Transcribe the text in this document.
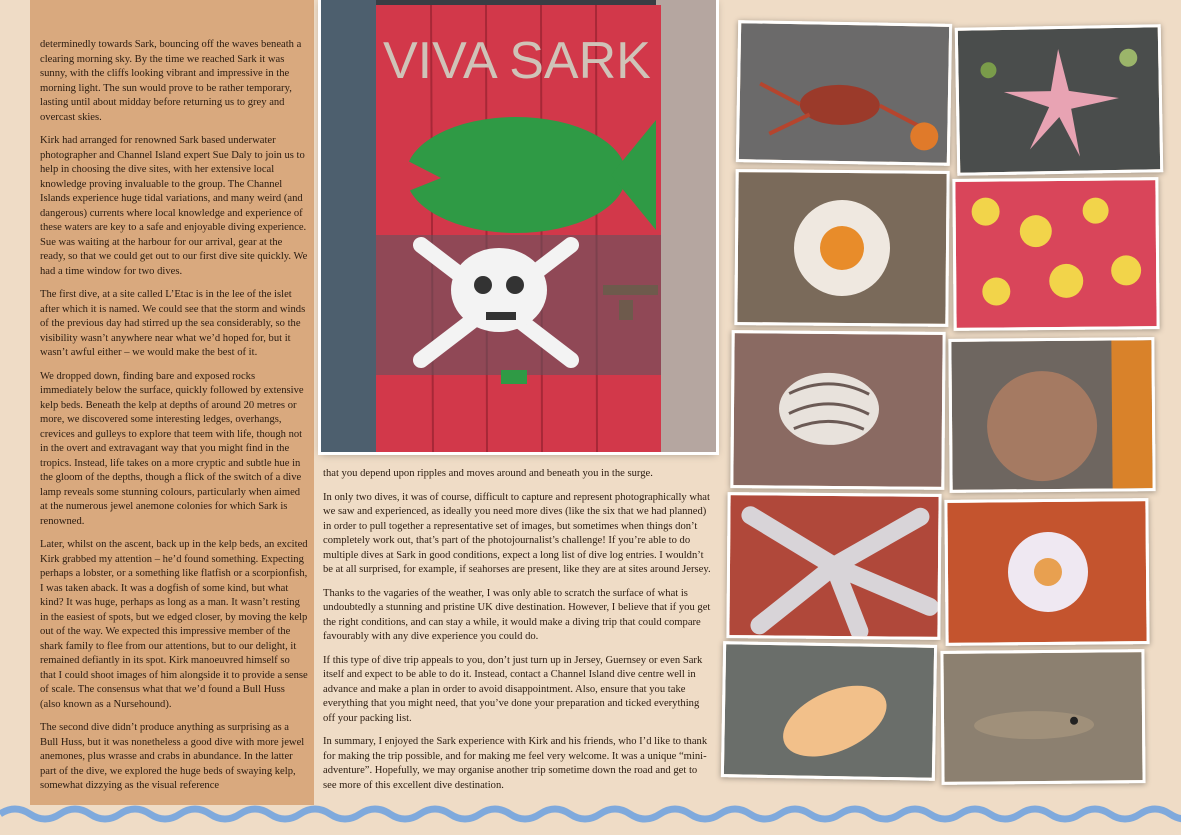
determinedly towards Sark, bouncing off the waves beneath a clearing morning sky. By the time we reached Sark it was sunny, with the cliffs looking vibrant and impressive in the morning light. The sun would prove to be rather temporary, lasting until about midday before returning us to grey and overcast skies.

Kirk had arranged for renowned Sark based underwater photographer and Channel Island expert Sue Daly to join us to help in choosing the dive sites, with her extensive local knowledge proving invaluable to the group. The Channel Islands experience huge tidal variations, and many weird (and dangerous) currents where local knowledge and experience of these waters are key to a safe and enjoyable diving experience. Sue was waiting at the harbour for our arrival, gear at the ready, so that we could get out to our first dive site quickly. We had a time window for two dives.

The first dive, at a site called L’Etac is in the lee of the islet after which it is named. We could see that the storm and winds of the previous day had stirred up the sea considerably, so the visibility wasn’t anywhere near what we’d hoped for, but it wasn’t awful either – we would make the best of it.

We dropped down, finding bare and exposed rocks immediately below the surface, quickly followed by extensive kelp beds. Beneath the kelp at depths of around 20 metres or more, we discovered some interesting ledges, overhangs, crevices and gulleys to explore that teem with life, though not in the overt and extravagant way that you might find in the tropics. Instead, life takes on a more cryptic and subtle hue in the gloom of the depths, though a flick of the switch of a dive lamp reveals some stunning colours, particularly when aimed at the numerous jewel anemone colonies for which Sark is renowned.

Later, whilst on the ascent, back up in the kelp beds, an excited Kirk grabbed my attention – he’d found something. Expecting perhaps a lobster, or a something like flatfish or a scorpionfish, I was taken aback. It was a dogfish of some kind, but what kind? It was huge, perhaps as long as a man. It wasn’t resting in the easiest of spots, but we edged closer, by moving the kelp out of the way. We expected this impressive member of the shark family to flee from our attentions, but to our delight, it remained defiantly in its spot. Kirk manoeuvred himself so that I could shoot images of him alongside it to provide a sense of scale. The consensus what that we’d found a Bull Huss (also known as a Nursehound).

The second dive didn’t produce anything as surprising as a Bull Huss, but it was nonetheless a good dive with more jewel anemones, plus wrasse and crabs in abundance. In the latter part of the dive, we explored the huge beds of swaying kelp, somewhat dizzying as the visual reference

VIVA SARK

that you depend upon ripples and moves around and beneath you in the surge.

In only two dives, it was of course, difficult to capture and represent photographically what we saw and experienced, as ideally you need more dives (like the six that we had planned) in order to pull together a representative set of images, but sometimes when things don’t completely work out, that’s part of the photojournalist’s challenge! If you’re able to do multiple dives at Sark in good conditions, expect a long list of dive log entries. I wouldn’t be at all surprised, for example, if seahorses are present, like they are at sites around Jersey.

Thanks to the vagaries of the weather, I was only able to scratch the surface of what is undoubtedly a stunning and pristine UK dive destination. However, I believe that if you get the right conditions, and can stay a while, it would make a diving trip that could compare favourably with any dive experience you could do.

If this type of dive trip appeals to you, don’t just turn up in Jersey, Guernsey or even Sark itself and expect to be able to do it. Instead, contact a Channel Island dive centre well in advance and make a plan in order to avoid disappointment. Also, ensure that you take everything that you might need, that you’ve done your preparation and ticked everything off your packing list.

In summary, I enjoyed the Sark experience with Kirk and his friends, who I’d like to thank for making the trip possible, and for making me feel very welcome. It was a unique “mini-adventure”. Hopefully, we may organise another trip sometime down the road and get to see more of this excellent dive destination.
